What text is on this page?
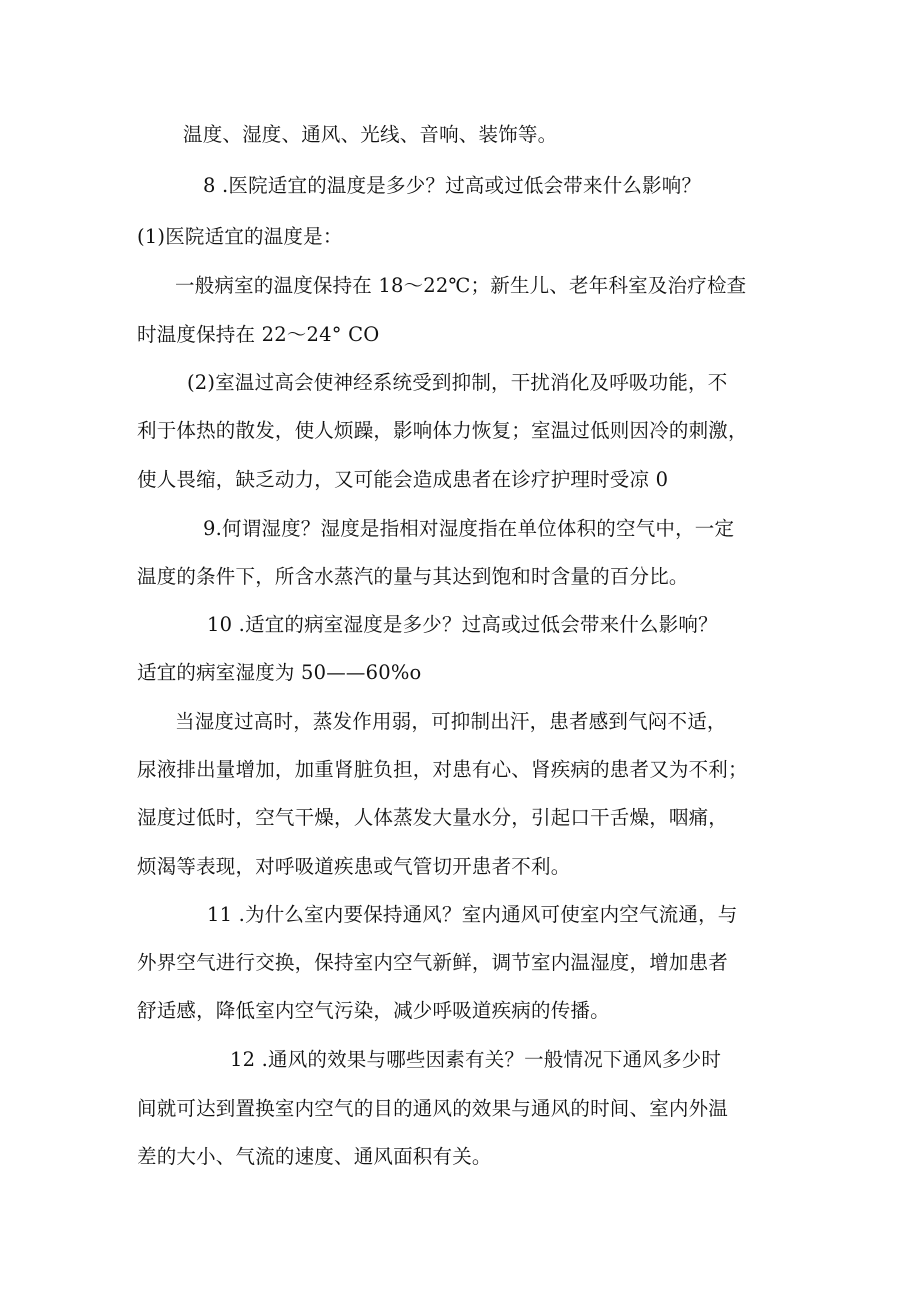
温度、湿度、通风、光线、音响、装饰等。
8 .医院适宜的温度是多少？过高或过低会带来什么影响？
(1)医院适宜的温度是：
一般病室的温度保持在 18～22℃；新生儿、老年科室及治疗检查
时温度保持在 22～24° CO
(2)室温过高会使神经系统受到抑制，干扰消化及呼吸功能，不
利于体热的散发，使人烦躁，影响体力恢复；室温过低则因冷的刺激，
使人畏缩，缺乏动力，又可能会造成患者在诊疗护理时受凉 0
9.何谓湿度？湿度是指相对湿度指在单位体积的空气中，一定
温度的条件下，所含水蒸汽的量与其达到饱和时含量的百分比。
10 .适宜的病室湿度是多少？过高或过低会带来什么影响？
适宜的病室湿度为 50——60%o
当湿度过高时，蒸发作用弱，可抑制出汗，患者感到气闷不适，
尿液排出量增加，加重肾脏负担，对患有心、肾疾病的患者又为不利；
湿度过低时，空气干燥，人体蒸发大量水分，引起口干舌燥，咽痛，
烦渴等表现，对呼吸道疾患或气管切开患者不利。
11 .为什么室内要保持通风？室内通风可使室内空气流通，与
外界空气进行交换，保持室内空气新鲜，调节室内温湿度，增加患者
舒适感，降低室内空气污染，减少呼吸道疾病的传播。
12 .通风的效果与哪些因素有关？一般情况下通风多少时
间就可达到置换室内空气的目的通风的效果与通风的时间、室内外温
差的大小、气流的速度、通风面积有关。
